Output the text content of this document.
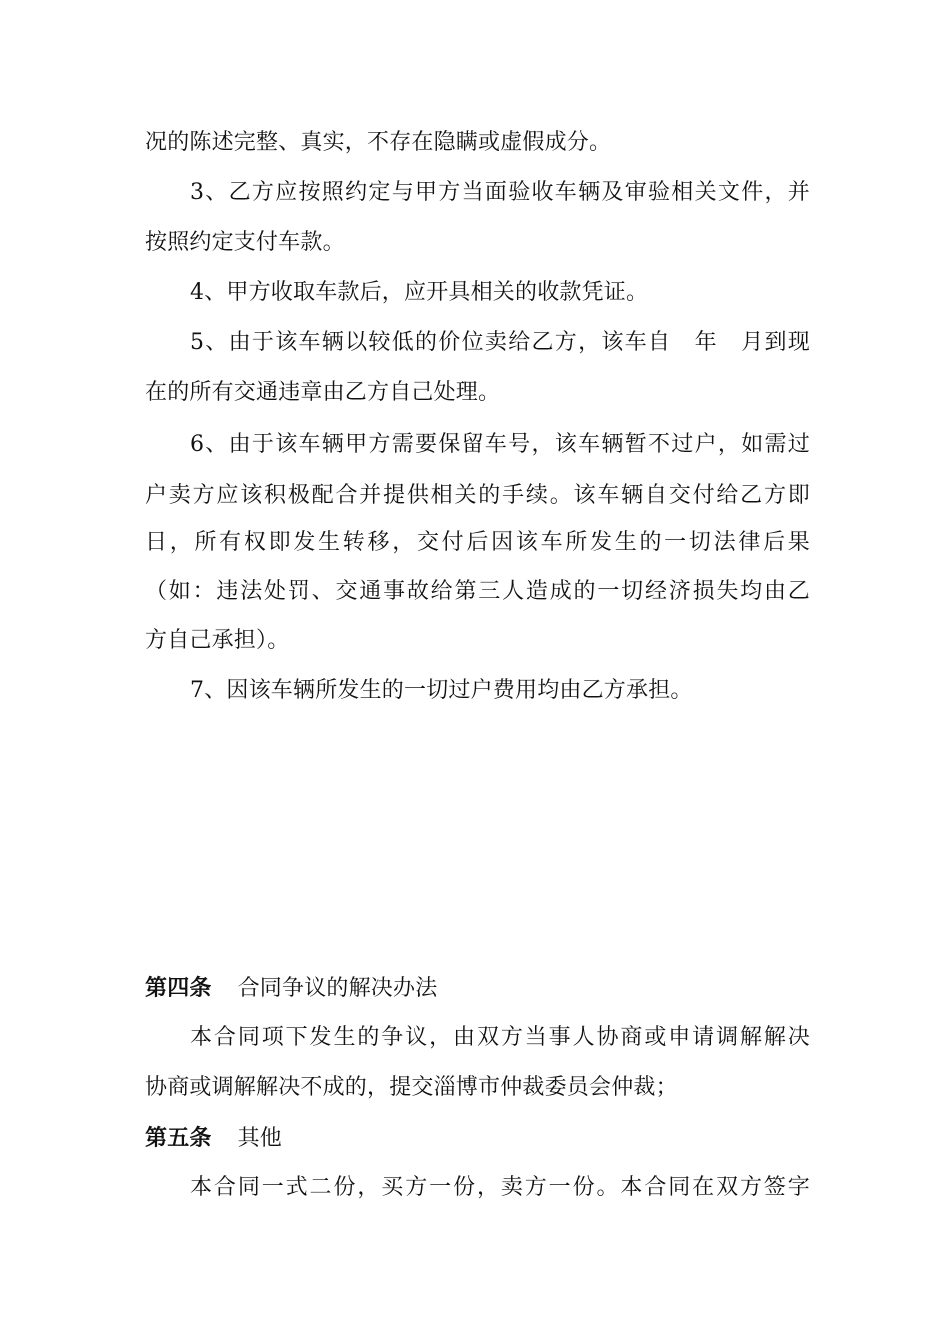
况的陈述完整、真实，不存在隐瞒或虚假成分。
3、乙方应按照约定与甲方当面验收车辆及审验相关文件，并
按照约定支付车款。
4、甲方收取车款后，应开具相关的收款凭证。
5、由于该车辆以较低的价位卖给乙方，该车自　年　月到现
在的所有交通违章由乙方自己处理。
6、由于该车辆甲方需要保留车号，该车辆暂不过户，如需过
户卖方应该积极配合并提供相关的手续。该车辆自交付给乙方即
日，所有权即发生转移，交付后因该车所发生的一切法律后果
（如：违法处罚、交通事故给第三人造成的一切经济损失均由乙
方自己承担）。
7、因该车辆所发生的一切过户费用均由乙方承担。
第四条 合同争议的解决办法
本合同项下发生的争议，由双方当事人协商或申请调解解决
协商或调解解决不成的，提交淄博市仲裁委员会仲裁；
第五条 其他
本合同一式二份，买方一份，卖方一份。本合同在双方签字
